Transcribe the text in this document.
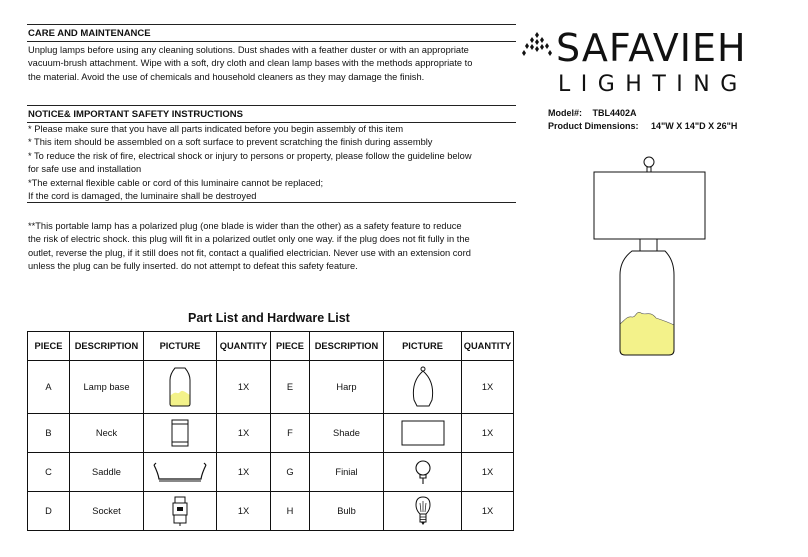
CARE AND MAINTENANCE
Unplug lamps before using any cleaning solutions. Dust shades with a feather duster or with an appropriate
vacuum-brush attachment. Wipe with a soft, dry cloth and clean lamp bases with the methods appropriate to
the material. Avoid the use of chemicals and household cleaners as they may damage the finish.
NOTICE& IMPORTANT SAFETY INSTRUCTIONS
* Please make sure that you have all parts indicated before you begin assembly of this item
* This item should be assembled on a soft surface to prevent scratching the finish during assembly
* To reduce the risk of fire, electrical shock or injury to persons or property, please follow the guideline below
for safe use and installation
*The external flexible cable or cord of this luminaire cannot be replaced;
If the cord is damaged, the luminaire shall be destroyed
**This portable lamp has a polarized plug (one blade is wider than the other) as a safety feature to reduce
the risk of electric shock. this plug will fit in a polarized outlet only one way. if the plug does not fit fully in the
outlet, reverse the plug, if it still does not fit, contact a qualified electrician. Never use with an extension cord
unless the plug can be fully inserted. do not attempt to defeat this safety feature.
SAFAVIEH
LIGHTING
Model#: TBL4402A
Product Dimensions: 14"W X 14"D X 26"H
Part List and Hardware List
PIECE	DESCRIPTION	PICTURE	QUANTITY	PIECE	DESCRIPTION	PICTURE	QUANTITY
A	Lamp base		1X	E	Harp		1X
B	Neck		1X	F	Shade		1X
C	Saddle		1X	G	Finial		1X
D	Socket		1X	H	Bulb		1X
